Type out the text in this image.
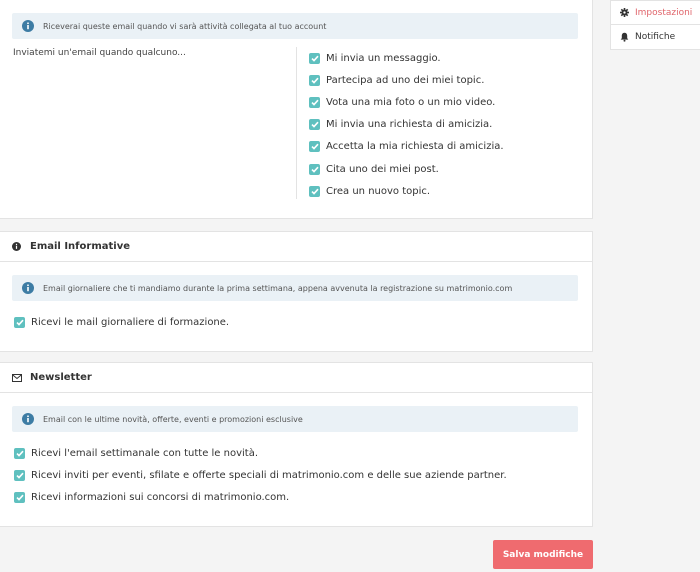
Riceverai queste email quando vi sarà attività collegata al tuo account
Inviatemi un'email quando qualcuno...	Mi invia un messaggio.
Partecipa ad uno dei miei topic.
Vota una mia foto o un mio video.
Mi invia una richiesta di amicizia.
Accetta la mia richiesta di amicizia.
Cita uno dei miei post.
Crea un nuovo topic.
Email Informative
Email giornaliere che ti mandiamo durante la prima settimana, appena avvenuta la registrazione su matrimonio.com
Ricevi le mail giornaliere di formazione.
Newsletter
Email con le ultime novità, offerte, eventi e promozioni esclusive
Ricevi l'email settimanale con tutte le novità.
Ricevi inviti per eventi, sfilate e offerte speciali di matrimonio.com e delle sue aziende partner.
Ricevi informazioni sui concorsi di matrimonio.com.
Impostazioni
Notifiche
Salva modifiche
